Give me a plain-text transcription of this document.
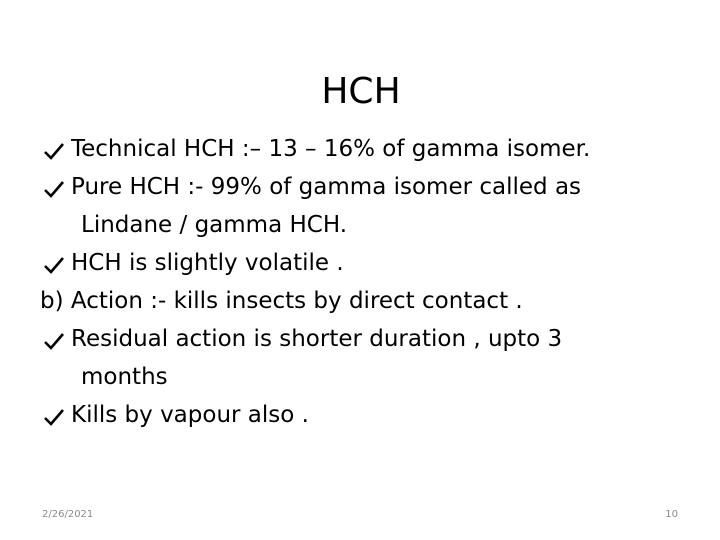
HCH
Technical HCH :– 13 – 16% of gamma isomer.
Pure HCH :- 99% of gamma isomer called as
Lindane / gamma HCH.
HCH is slightly volatile .
b) Action :- kills insects by direct contact .
Residual action is shorter duration , upto 3
months
Kills by vapour also .
2/26/2021	10
